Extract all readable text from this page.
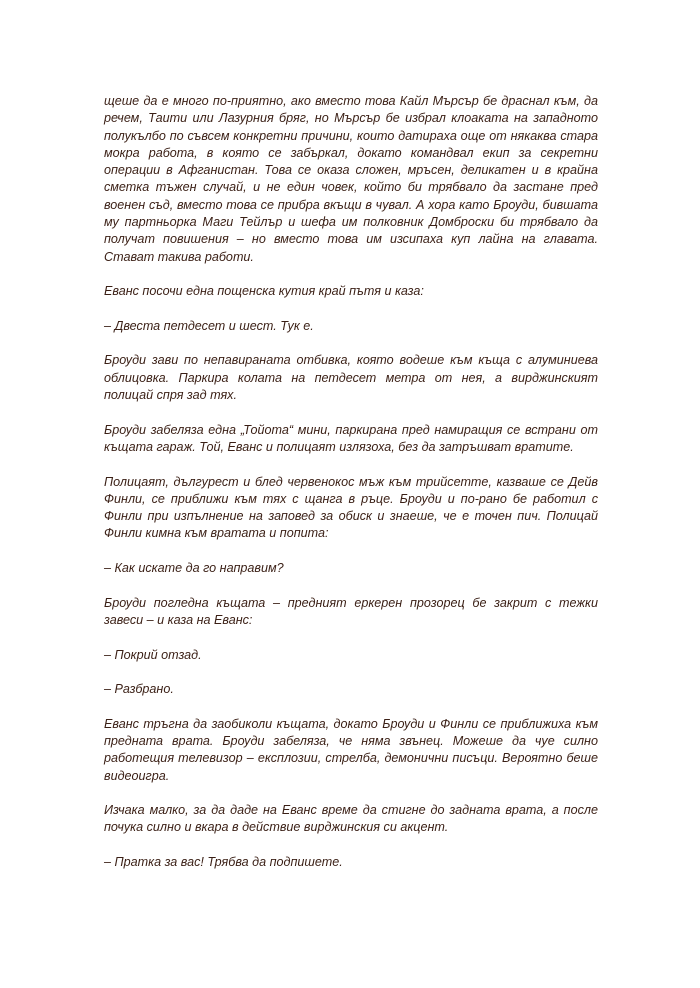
щеше да е много по-приятно, ако вместо това Кайл Мърсър бе драснал към, да речем, Таити или Лазурния бряг, но Мърсър бе избрал клоаката на западното полукълбо по съвсем конкретни причини, които датираха още от някаква стара мокра работа, в която се забъркал, докато командвал екип за секретни операции в Афганистан. Това се оказа сложен, мръсен, деликатен и в крайна сметка тъжен случай, и не един човек, който би трябвало да застане пред военен съд, вместо това се прибра вкъщи в чувал. А хора като Броуди, бившата му партньорка Маги Тейлър и шефа им полковник Домброски би трябвало да получат повишения – но вместо това им изсипаха куп лайна на главата. Стават такива работи.

Еванс посочи една пощенска кутия край пътя и каза:

– Двеста петдесет и шест. Тук е.

Броуди зави по непавираната отбивка, която водеше към къща с алуминиева облицовка. Паркира колата на петдесет метра от нея, а вирджинският полицай спря зад тях.

Броуди забеляза една „Тойота“ мини, паркирана пред намиращия се встрани от къщата гараж. Той, Еванс и полицаят излязоха, без да затръшват вратите.

Полицаят, дългурест и блед червенокос мъж към трийсетте, казваше се Дейв Финли, се приближи към тях с щанга в ръце. Броуди и по-рано бе работил с Финли при изпълнение на заповед за обиск и знаеше, че е точен пич. Полицай Финли кимна към вратата и попита:

– Как искате да го направим?

Броуди погледна къщата – предният еркерен прозорец бе закрит с тежки завеси – и каза на Еванс:

– Покрий отзад.

– Разбрано.

Еванс тръгна да заобиколи къщата, докато Броуди и Финли се приближиха към предната врата. Броуди забеляза, че няма звънец. Можеше да чуе силно работещия телевизор – експлозии, стрелба, демонични писъци. Вероятно беше видеоигра.

Изчака малко, за да даде на Еванс време да стигне до задната врата, а после почука силно и вкара в действие вирджинския си акцент.

– Пратка за вас! Трябва да подпишете.
